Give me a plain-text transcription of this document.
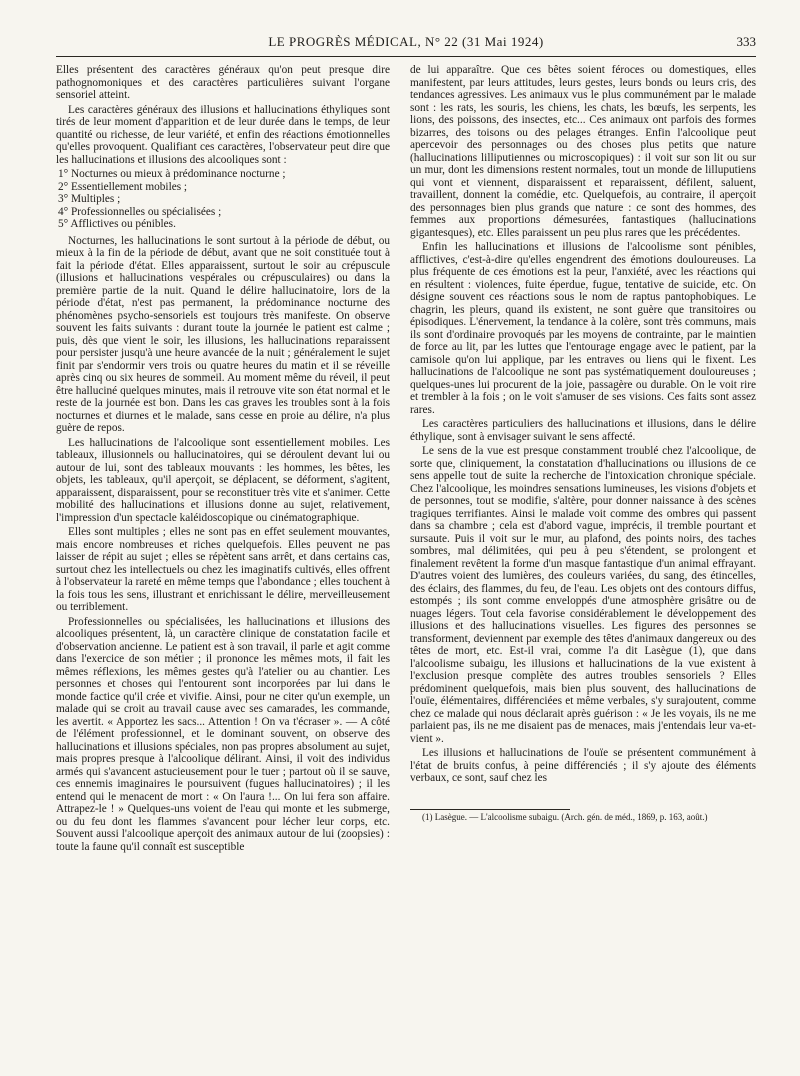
LE PROGRÈS MÉDICAL, N° 22 (31 Mai 1924)	333

Elles présentent des caractères généraux qu'on peut presque dire pathognomoniques et des caractères particulières suivant l'organe sensoriel atteint.

Les caractères généraux des illusions et hallucinations éthyliques sont tirés de leur moment d'apparition et de leur durée dans le temps, de leur quantité ou richesse, de leur variété, et enfin des réactions émotionnelles qu'elles provoquent. Qualifiant ces caractères, l'observateur peut dire que les hallucinations et illusions des alcooliques sont :

1° Nocturnes ou mieux à prédominance nocturne ;
2° Essentiellement mobiles ;
3° Multiples ;
4° Professionnelles ou spécialisées ;
5° Afflictives ou pénibles.

Nocturnes, les hallucinations le sont surtout à la période de début, ou mieux à la fin de la période de début, avant que ne soit constituée tout à fait la période d'état. Elles apparaissent, surtout le soir au crépuscule (illusions et hallucinations vespérales ou crépusculaires) ou dans la première partie de la nuit. Quand le délire hallucinatoire, lors de la période d'état, n'est pas permanent, la prédominance nocturne des phénomènes psycho-sensoriels est toujours très manifeste. On observe souvent les faits suivants : durant toute la journée le patient est calme ; puis, dès que vient le soir, les illusions, les hallucinations reparaissent pour persister jusqu'à une heure avancée de la nuit ; généralement le sujet finit par s'endormir vers trois ou quatre heures du matin et il se réveille après cinq ou six heures de sommeil. Au moment même du réveil, il peut être halluciné quelques minutes, mais il retrouve vite son état normal et le reste de la journée est bon. Dans les cas graves les troubles sont à la fois nocturnes et diurnes et le malade, sans cesse en proie au délire, n'a plus guère de repos.

Les hallucinations de l'alcoolique sont essentiellement mobiles. Les tableaux, illusionnels ou hallucinatoires, qui se déroulent devant lui ou autour de lui, sont des tableaux mouvants : les hommes, les bêtes, les objets, les tableaux, qu'il aperçoit, se déplacent, se déforment, s'agitent, apparaissent, disparaissent, pour se reconstituer très vite et s'animer. Cette mobilité des hallucinations et illusions donne au sujet, relativement, l'impression d'un spectacle kaléidoscopique ou cinématographique.

Elles sont multiples ; elles ne sont pas en effet seulement mouvantes, mais encore nombreuses et riches quelquefois. Elles peuvent ne pas laisser de répit au sujet ; elles se répètent sans arrêt, et dans certains cas, surtout chez les intellectuels ou chez les imaginatifs cultivés, elles offrent à l'observateur la rareté en même temps que l'abondance ; elles touchent à la fois tous les sens, illustrant et enrichissant le délire, merveilleusement ou terriblement.

Professionnelles ou spécialisées, les hallucinations et illusions des alcooliques présentent, là, un caractère clinique de constatation facile et d'observation ancienne. Le patient est à son travail, il parle et agit comme dans l'exercice de son métier ; il prononce les mêmes mots, il fait les mêmes réflexions, les mêmes gestes qu'à l'atelier ou au chantier. Les personnes et choses qui l'entourent sont incorporées par lui dans le monde factice qu'il crée et vivifie. Ainsi, pour ne citer qu'un exemple, un malade qui se croit au travail cause avec ses camarades, les commande, les avertit. « Apportez les sacs... Attention ! On va t'écraser ». — A côté de l'élément professionnel, et le dominant souvent, on observe des hallucinations et illusions spéciales, non pas propres absolument au sujet, mais propres presque à l'alcoolique délirant. Ainsi, il voit des individus armés qui s'avancent astucieusement pour le tuer ; partout où il se sauve, ces ennemis imaginaires le poursuivent (fugues hallucinatoires) ; il les entend qui le menacent de mort : « On l'aura !... On lui fera son affaire. Attrapez-le ! » Quelques-uns voient de l'eau qui monte et les submerge, ou du feu dont les flammes s'avancent pour lécher leur corps, etc. Souvent aussi l'alcoolique aperçoit des animaux autour de lui (zoopsies) : toute la faune qu'il connaît est susceptible

de lui apparaître. Que ces bêtes soient féroces ou domestiques, elles manifestent, par leurs attitudes, leurs gestes, leurs bonds ou leurs cris, des tendances agressives. Les animaux vus le plus communément par le malade sont : les rats, les souris, les chiens, les chats, les bœufs, les serpents, les lions, des poissons, des insectes, etc... Ces animaux ont parfois des formes bizarres, des toisons ou des pelages étranges. Enfin l'alcoolique peut apercevoir des personnages ou des choses plus petits que nature (hallucinations lilliputiennes ou microscopiques) : il voit sur son lit ou sur un mur, dont les dimensions restent normales, tout un monde de lilluputiens qui vont et viennent, disparaissent et reparaissent, défilent, saluent, travaillent, donnent la comédie, etc. Quelquefois, au contraire, il aperçoit des personnages bien plus grands que nature : ce sont des hommes, des femmes aux proportions démesurées, fantastiques (hallucinations gigantesques), etc. Elles paraissent un peu plus rares que les précédentes.

Enfin les hallucinations et illusions de l'alcoolisme sont pénibles, afflictives, c'est-à-dire qu'elles engendrent des émotions douloureuses. La plus fréquente de ces émotions est la peur, l'anxiété, avec les réactions qui en résultent : violences, fuite éperdue, fugue, tentative de suicide, etc. On désigne souvent ces réactions sous le nom de raptus pantophobiques. Le chagrin, les pleurs, quand ils existent, ne sont guère que transitoires ou épisodiques. L'énervement, la tendance à la colère, sont très communs, mais ils sont d'ordinaire provoqués par les moyens de contrainte, par le maintien de force au lit, par les luttes que l'entourage engage avec le patient, par la camisole qu'on lui applique, par les entraves ou liens qui le fixent. Les hallucinations de l'alcoolique ne sont pas systématiquement douloureuses ; quelques-unes lui procurent de la joie, passagère ou durable. On le voit rire et trembler à la fois ; on le voit s'amuser de ses visions. Ces faits sont assez rares.

Les caractères particuliers des hallucinations et illusions, dans le délire éthylique, sont à envisager suivant le sens affecté.

Le sens de la vue est presque constamment troublé chez l'alcoolique, de sorte que, cliniquement, la constatation d'hallucinations ou illusions de ce sens appelle tout de suite la recherche de l'intoxication chronique spéciale. Chez l'alcoolique, les moindres sensations lumineuses, les visions d'objets et de personnes, tout se modifie, s'altère, pour donner naissance à des scènes tragiques terrifiantes. Ainsi le malade voit comme des ombres qui passent dans sa chambre ; cela est d'abord vague, imprécis, il tremble pourtant et sursaute. Puis il voit sur le mur, au plafond, des points noirs, des taches sombres, mal délimitées, qui peu à peu s'étendent, se prolongent et finalement revêtent la forme d'un masque fantastique d'un animal effrayant. D'autres voient des lumières, des couleurs variées, du sang, des étincelles, des éclairs, des flammes, du feu, de l'eau. Les objets ont des contours diffus, estompés ; ils sont comme enveloppés d'une atmosphère grisâtre ou de nuages légers. Tout cela favorise considérablement le développement des illusions et des hallucinations visuelles. Les figures des personnes se transforment, deviennent par exemple des têtes d'animaux dangereux ou des têtes de mort, etc. Est-il vrai, comme l'a dit Lasègue (1), que dans l'alcoolisme subaigu, les illusions et hallucinations de la vue existent à l'exclusion presque complète des autres troubles sensoriels ? Elles prédominent quelquefois, mais bien plus souvent, des hallucinations de l'ouïe, élémentaires, différenciées et même verbales, s'y surajoutent, comme chez ce malade qui nous déclarait après guérison : « Je les voyais, ils ne me parlaient pas, ils ne me disaient pas de menaces, mais j'entendais leur va-et-vient ».

Les illusions et hallucinations de l'ouïe se présentent communément à l'état de bruits confus, à peine différenciés ; il s'y ajoute des éléments verbaux, ce sont, sauf chez les

(1) Lasègue. — L'alcoolisme subaigu. (Arch. gén. de méd., 1869, p. 163, août.)
